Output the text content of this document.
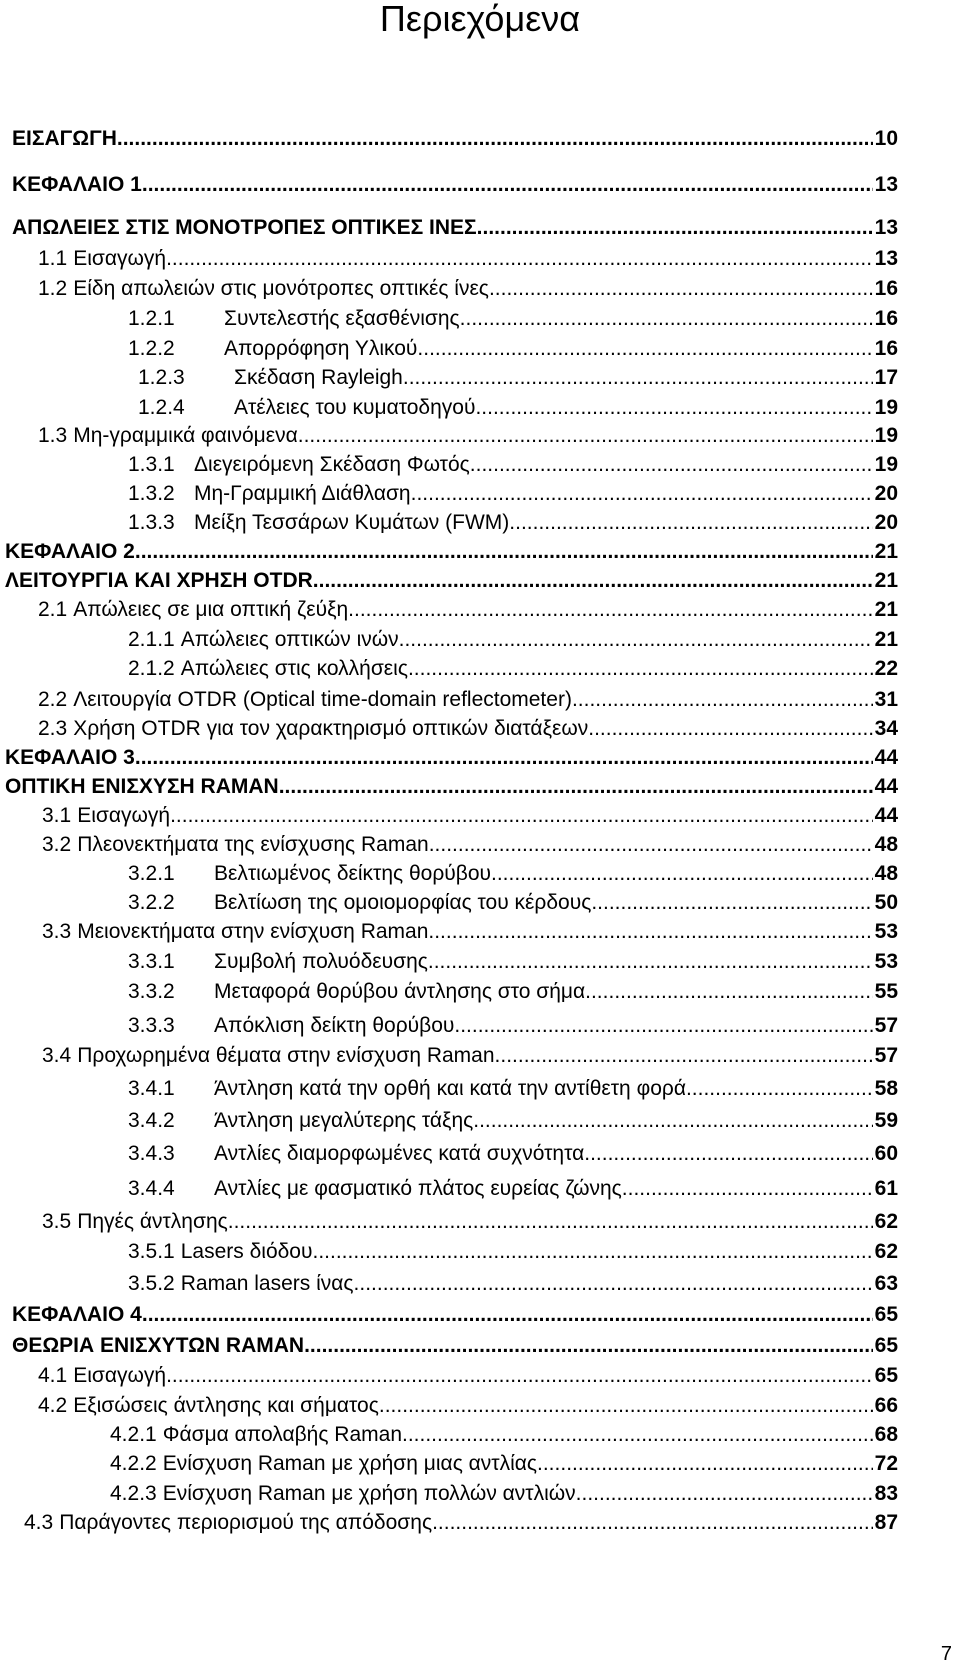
Περιεχόμενα
ΕΙΣΑΓΩΓΗ .....	10
ΚΕΦΑΛΑΙΟ 1 .....	13
ΑΠΩΛΕΙΕΣ ΣΤΙΣ ΜΟΝΟΤΡΟΠΕΣ ΟΠΤΙΚΕΣ ΙΝΕΣ .....	13
1.1 Εισαγωγή .....	13
1.2 Είδη απωλειών στις μονότροπες οπτικές ίνες .....	16
1.2.1	Συντελεστής εξασθένισης .....	16
1.2.2	Απορρόφηση Υλικού .....	16
1.2.3	Σκέδαση Rayleigh .....	17
1.2.4	Ατέλειες του κυματοδηγού .....	19
1.3 Μη-γραμμικά φαινόμενα .....	19
1.3.1 Διεγειρόμενη Σκέδαση Φωτός .....	19
1.3.2 Μη-Γραμμική Διάθλαση .....	20
1.3.3 Μείξη Τεσσάρων Κυμάτων (FWM) .....	20
ΚΕΦΑΛΑΙΟ 2 .....	21
ΛΕΙΤΟΥΡΓΙΑ ΚΑΙ ΧΡΗΣΗ OTDR .....	21
2.1 Απώλειες σε μια οπτική ζεύξη .....	21
2.1.1 Απώλειες οπτικών ινών .....	21
2.1.2 Απώλειες στις κολλήσεις .....	22
2.2 Λειτουργία OTDR (Optical time-domain reflectometer) .....	31
2.3 Χρήση OTDR για τον χαρακτηρισμό οπτικών διατάξεων .....	34
ΚΕΦΑΛΑΙΟ 3 .....	44
ΟΠΤΙΚΗ ΕΝΙΣΧΥΣΗ RAMAN .....	44
3.1 Εισαγωγή .....	44
3.2 Πλεονεκτήματα της ενίσχυσης Raman .....	48
3.2.1	Βελτιωμένος δείκτης θορύβου .....	48
3.2.2	Βελτίωση της ομοιομορφίας του κέρδους .....	50
3.3 Μειονεκτήματα στην ενίσχυση Raman .....	53
3.3.1	Συμβολή πολυόδευσης .....	53
3.3.2	Μεταφορά θορύβου άντλησης στο σήμα .....	55
3.3.3	Απόκλιση δείκτη θορύβου .....	57
3.4 Προχωρημένα θέματα στην ενίσχυση Raman .....	57
3.4.1	Άντληση κατά την ορθή και κατά την αντίθετη φορά .....	58
3.4.2	Άντληση μεγαλύτερης τάξης .....	59
3.4.3	Αντλίες διαμορφωμένες κατά συχνότητα .....	60
3.4.4	Αντλίες με φασματικό πλάτος ευρείας ζώνης .....	61
3.5 Πηγές άντλησης .....	62
3.5.1 Lasers διόδου .....	62
3.5.2 Raman lasers ίνας .....	63
ΚΕΦΑΛΑΙΟ 4 .....	65
ΘΕΩΡΙΑ ΕΝΙΣΧΥΤΩΝ RAMAN .....	65
4.1 Εισαγωγή .....	65
4.2 Εξισώσεις άντλησης και σήματος .....	66
4.2.1 Φάσμα απολαβής Raman .....	68
4.2.2 Ενίσχυση Raman με χρήση μιας αντλίας .....	72
4.2.3 Ενίσχυση Raman με χρήση πολλών αντλιών .....	83
4.3 Παράγοντες περιορισμού της απόδοσης .....	87
7
